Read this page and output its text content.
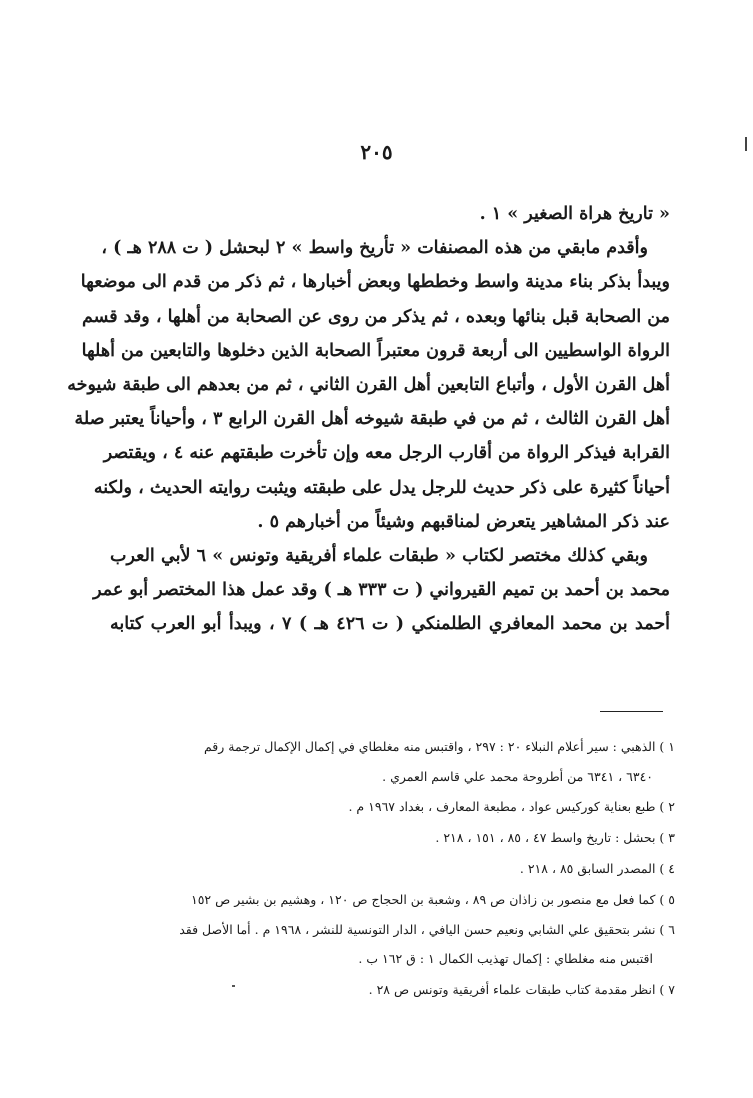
٢٠٥
« تاريخ هراة الصغير » ١ .
وأقدم مابقي من هذه المصنفات « تأريخ واسط » ٢ لبحشل ( ت ٢٨٨ هـ ) ،
ويبدأ بذكر بناء مدينة واسط وخططها وبعض أخبارها ، ثم ذكر من قدم الى موضعها
من الصحابة قبل بنائها وبعده ، ثم يذكر من روى عن الصحابة من أهلها ، وقد قسم
الرواة الواسطيين الى أربعة قرون معتبراً الصحابة الذين دخلوها والتابعين من أهلها
أهل القرن الأول ، وأتباع التابعين أهل القرن الثاني ، ثم من بعدهم الى طبقة شيوخه
أهل القرن الثالث ، ثم من في طبقة شيوخه أهل القرن الرابع ٣ ، وأحياناً يعتبر صلة
القرابة فيذكر الرواة من أقارب الرجل معه وإن تأخرت طبقتهم عنه ٤ ، ويقتصر
أحياناً كثيرة على ذكر حديث للرجل يدل على طبقته ويثبت روايته الحديث ، ولكنه
عند ذكر المشاهير يتعرض لمناقبهم وشيئاً من أخبارهم ٥ .
وبقي كذلك مختصر لكتاب « طبقات علماء أفريقية وتونس » ٦ لأبي العرب
محمد بن أحمد بن تميم القيرواني ( ت ٣٣٣ هـ ) وقد عمل هذا المختصر أبو عمر
أحمد بن محمد المعافري الطلمنكي ( ت ٤٢٦ هـ ) ٧ ، ويبدأ أبو العرب كتابه
١ ) الذهبي : سير أعلام النبلاء ٢٠ : ٢٩٧ ، واقتبس منه مغلطاي في إكمال الإكمال ترجمة رقم
٦٣٤٠ ، ٦٣٤١ من أطروحة محمد علي قاسم العمري .
٢ ) طبع بعناية كوركيس عواد ، مطبعة المعارف ، بغداد ١٩٦٧ م .
٣ ) بحشل : تاريخ واسط ٤٧ ، ٨٥ ، ١٥١ ، ٢١٨ .
٤ ) المصدر السابق ٨٥ ، ٢١٨ .
٥ ) كما فعل مع منصور بن زاذان ص ٨٩ ، وشعبة بن الحجاج ص ١٢٠ ، وهشيم بن بشير ص ١٥٢
٦ ) نشر بتحقيق علي الشابي ونعيم حسن اليافي ، الدار التونسية للنشر ، ١٩٦٨ م . أما الأصل فقد
اقتبس منه مغلطاي : إكمال تهذيب الكمال ١ : ق ١٦٢ ب .
٧ ) انظر مقدمة كتاب طبقات علماء أفريقية وتونس ص ٢٨ .
